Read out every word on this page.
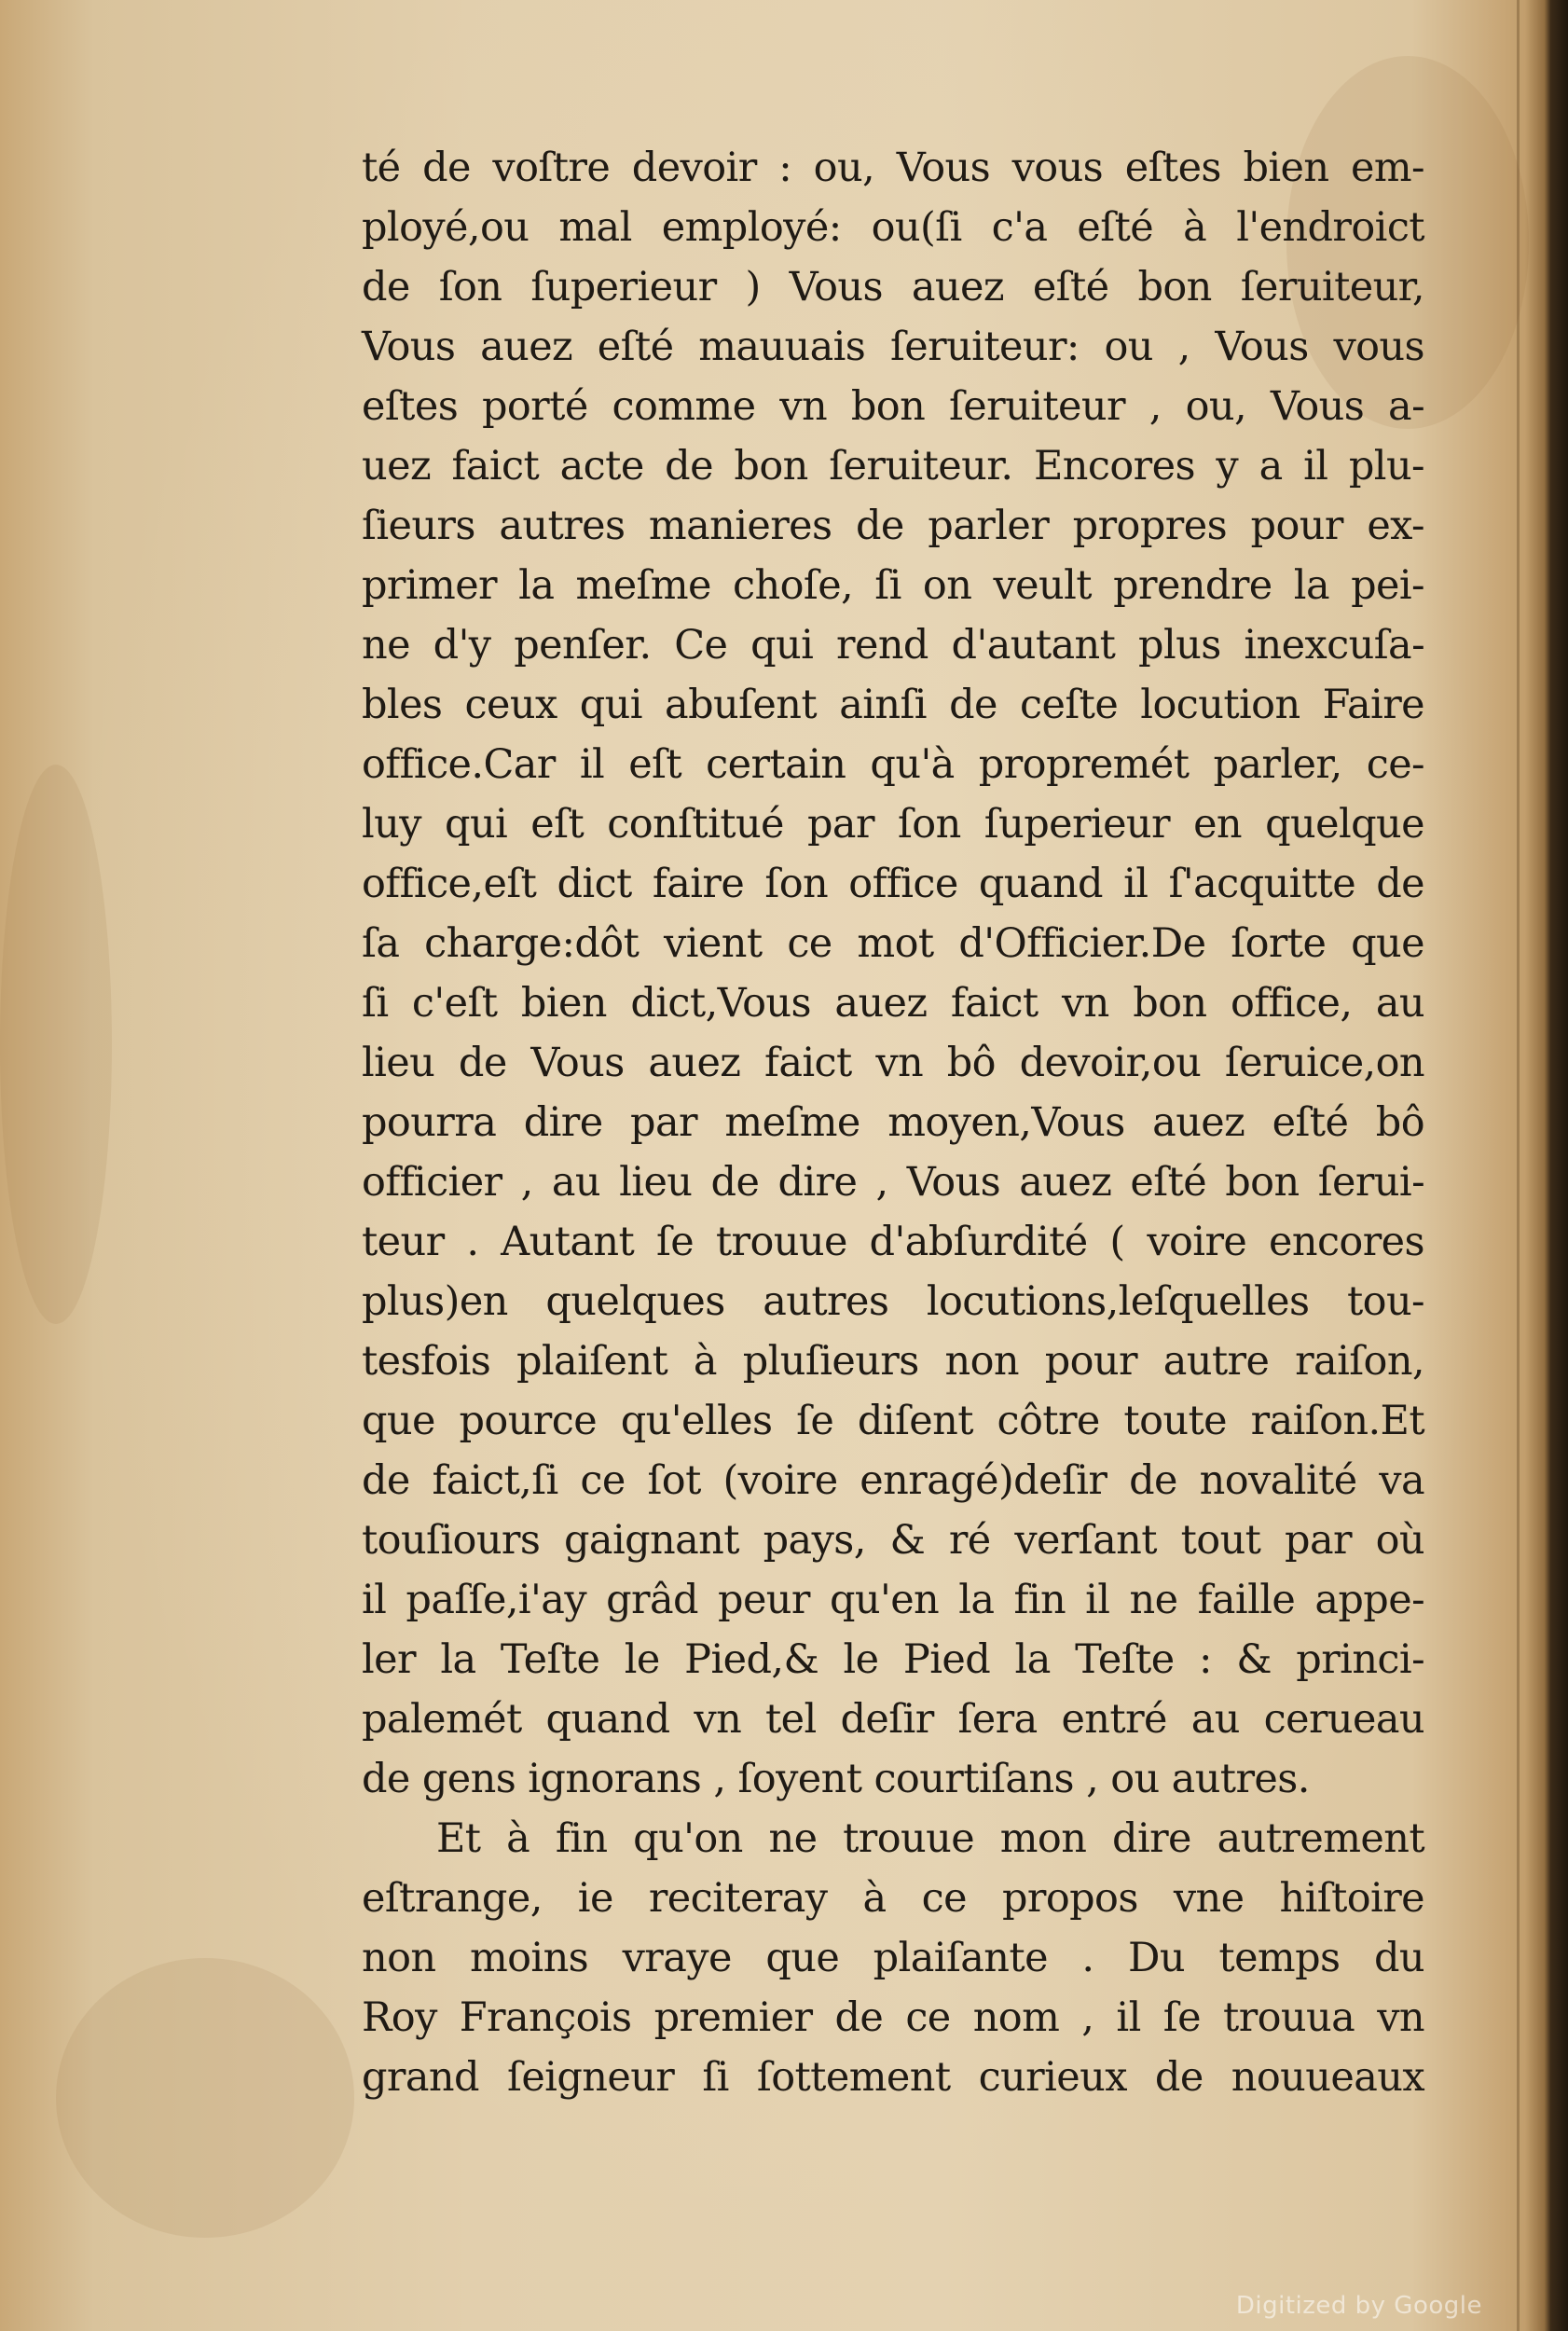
té de voſtre devoir : ou, Vous vous eſtes bien em-
ployé,ou mal employé: ou(ſi c'a eſté à l'endroict
de ſon ſuperieur ) Vous auez eſté bon ſeruiteur,
Vous auez eſté mauuais ſeruiteur: ou , Vous vous
eſtes porté comme vn bon ſeruiteur , ou, Vous a-
uez faict acte de bon ſeruiteur. Encores y a il plu-
ſieurs autres manieres de parler propres pour ex-
primer la meſme choſe, ſi on veult prendre la pei-
ne d'y penſer. Ce qui rend d'autant plus inexcuſa-
bles ceux qui abuſent ainſi de ceſte locution Faire
office.Car il eſt certain qu'à propremét parler, ce-
luy qui eſt conſtitué par ſon ſuperieur en quelque
office,eſt dict faire ſon office quand il ſ'acquitte de
ſa charge:dôt vient ce mot d'Officier.De ſorte que
ſi c'eſt bien dict,Vous auez faict vn bon office, au
lieu de Vous auez faict vn bô devoir,ou ſeruice,on
pourra dire par meſme moyen,Vous auez eſté bô
officier , au lieu de dire , Vous auez eſté bon ſerui-
teur . Autant ſe trouue d'abſurdité ( voire encores
plus)en quelques autres locutions,leſquelles tou-
tesfois plaiſent à pluſieurs non pour autre raiſon,
que pource qu'elles ſe diſent côtre toute raiſon.Et
de faict,ſi ce ſot (voire enragé)deſir de novalité va
touſiours gaignant pays, & ré verſant tout par où
il paſſe,i'ay grâd peur qu'en la fin il ne faille appe-
ler la Teſte le Pied,& le Pied la Teſte : & princi-
palemét quand vn tel deſir ſera entré au cerueau
de gens ignorans , ſoyent courtiſans , ou autres.
Et à fin qu'on ne trouue mon dire autrement
eſtrange, ie reciteray à ce propos vne hiſtoire
non moins vraye que plaiſante . Du temps du
Roy François premier de ce nom , il ſe trouua vn
grand ſeigneur ſi ſottement curieux de nouueaux
Digitized by Google
